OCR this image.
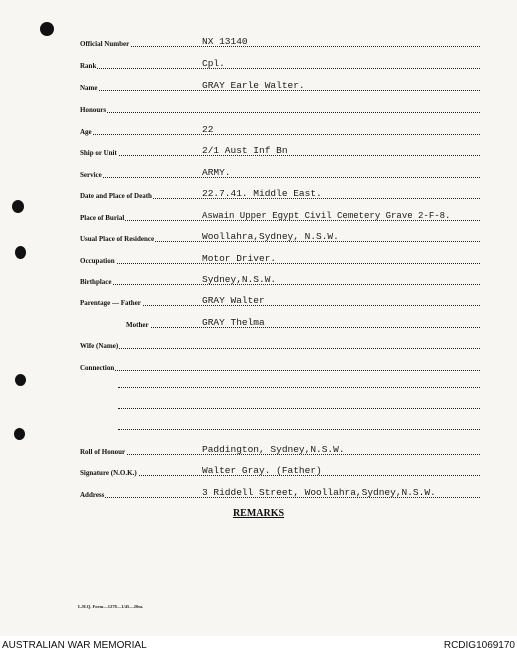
Official Number	NX 13140
Rank	Cpl.
Name	GRAY Earle Walter.
Honours
Age	22
Ship or Unit	2/1 Aust Inf Bn
Service	ARMY.
Date and Place of Death	22.7.41. Middle East.
Place of Burial	Aswain Upper Egypt Civil Cemetery Grave 2-F-8.
Usual Place of Residence	Woollahra,Sydney, N.S.W.
Occupation	Motor Driver.
Birthplace	Sydney,N.S.W.
Parentage — Father	GRAY Walter
Mother	GRAY Thelma
Wife (Name)
Connection
Roll of Honour	Paddington, Sydney,N.S.W.
Signature (N.O.K.)	Walter Gray. (Father)
Address	3 Riddell Street, Woollahra,Sydney,N.S.W.
REMARKS
L.H.Q. Form—1278—1/45—20m.
AUSTRALIAN WAR MEMORIAL	RCDIG1069170
